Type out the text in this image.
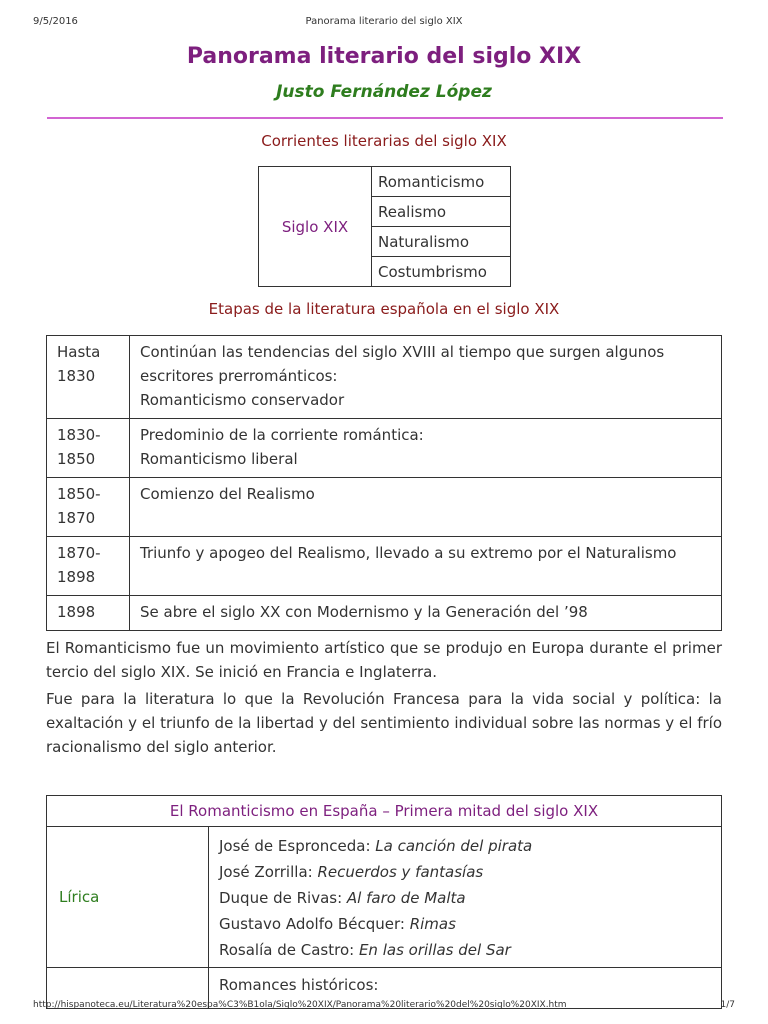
9/5/2016	Panorama literario del siglo XIX
Panorama literario del siglo XIX
Justo Fernández López
Corrientes literarias del siglo XIX
Siglo XIX	Romanticismo
Realismo
Naturalismo
Costumbrismo
Etapas de la literatura española en el siglo XIX
Hasta 1830	Continúan las tendencias del siglo XVIII al tiempo que surgen algunos escritores prerrománticos:
Romanticismo conservador

1830-1850	Predominio de la corriente romántica:
Romanticismo liberal

1850-1870	Comienzo del Realismo

1870-1898	Triunfo y apogeo del Realismo, llevado a su extremo por el Naturalismo

1898	Se abre el siglo XX con Modernismo y la Generación del ’98

El Romanticismo fue un movimiento artístico que se produjo en Europa durante el primer tercio del siglo XIX. Se inició en Francia e Inglaterra.

Fue para la literatura lo que la Revolución Francesa para la vida social y política: la exaltación y el triunfo de la libertad y del sentimiento individual sobre las normas y el frío racionalismo del siglo anterior.

El Romanticismo en España – Primera mitad del siglo XIX	
Lírica	José de Espronceda: La canción del pirata
José Zorrilla: Recuerdos y fantasías
Duque de Rivas: Al faro de Malta
Gustavo Adolfo Bécquer: Rimas
Rosalía de Castro: En las orillas del Sar

	Romances históricos:
http://hispanoteca.eu/Literatura%20espa%C3%B1ola/Siglo%20XIX/Panorama%20literario%20del%20siglo%20XIX.htm	1/7
